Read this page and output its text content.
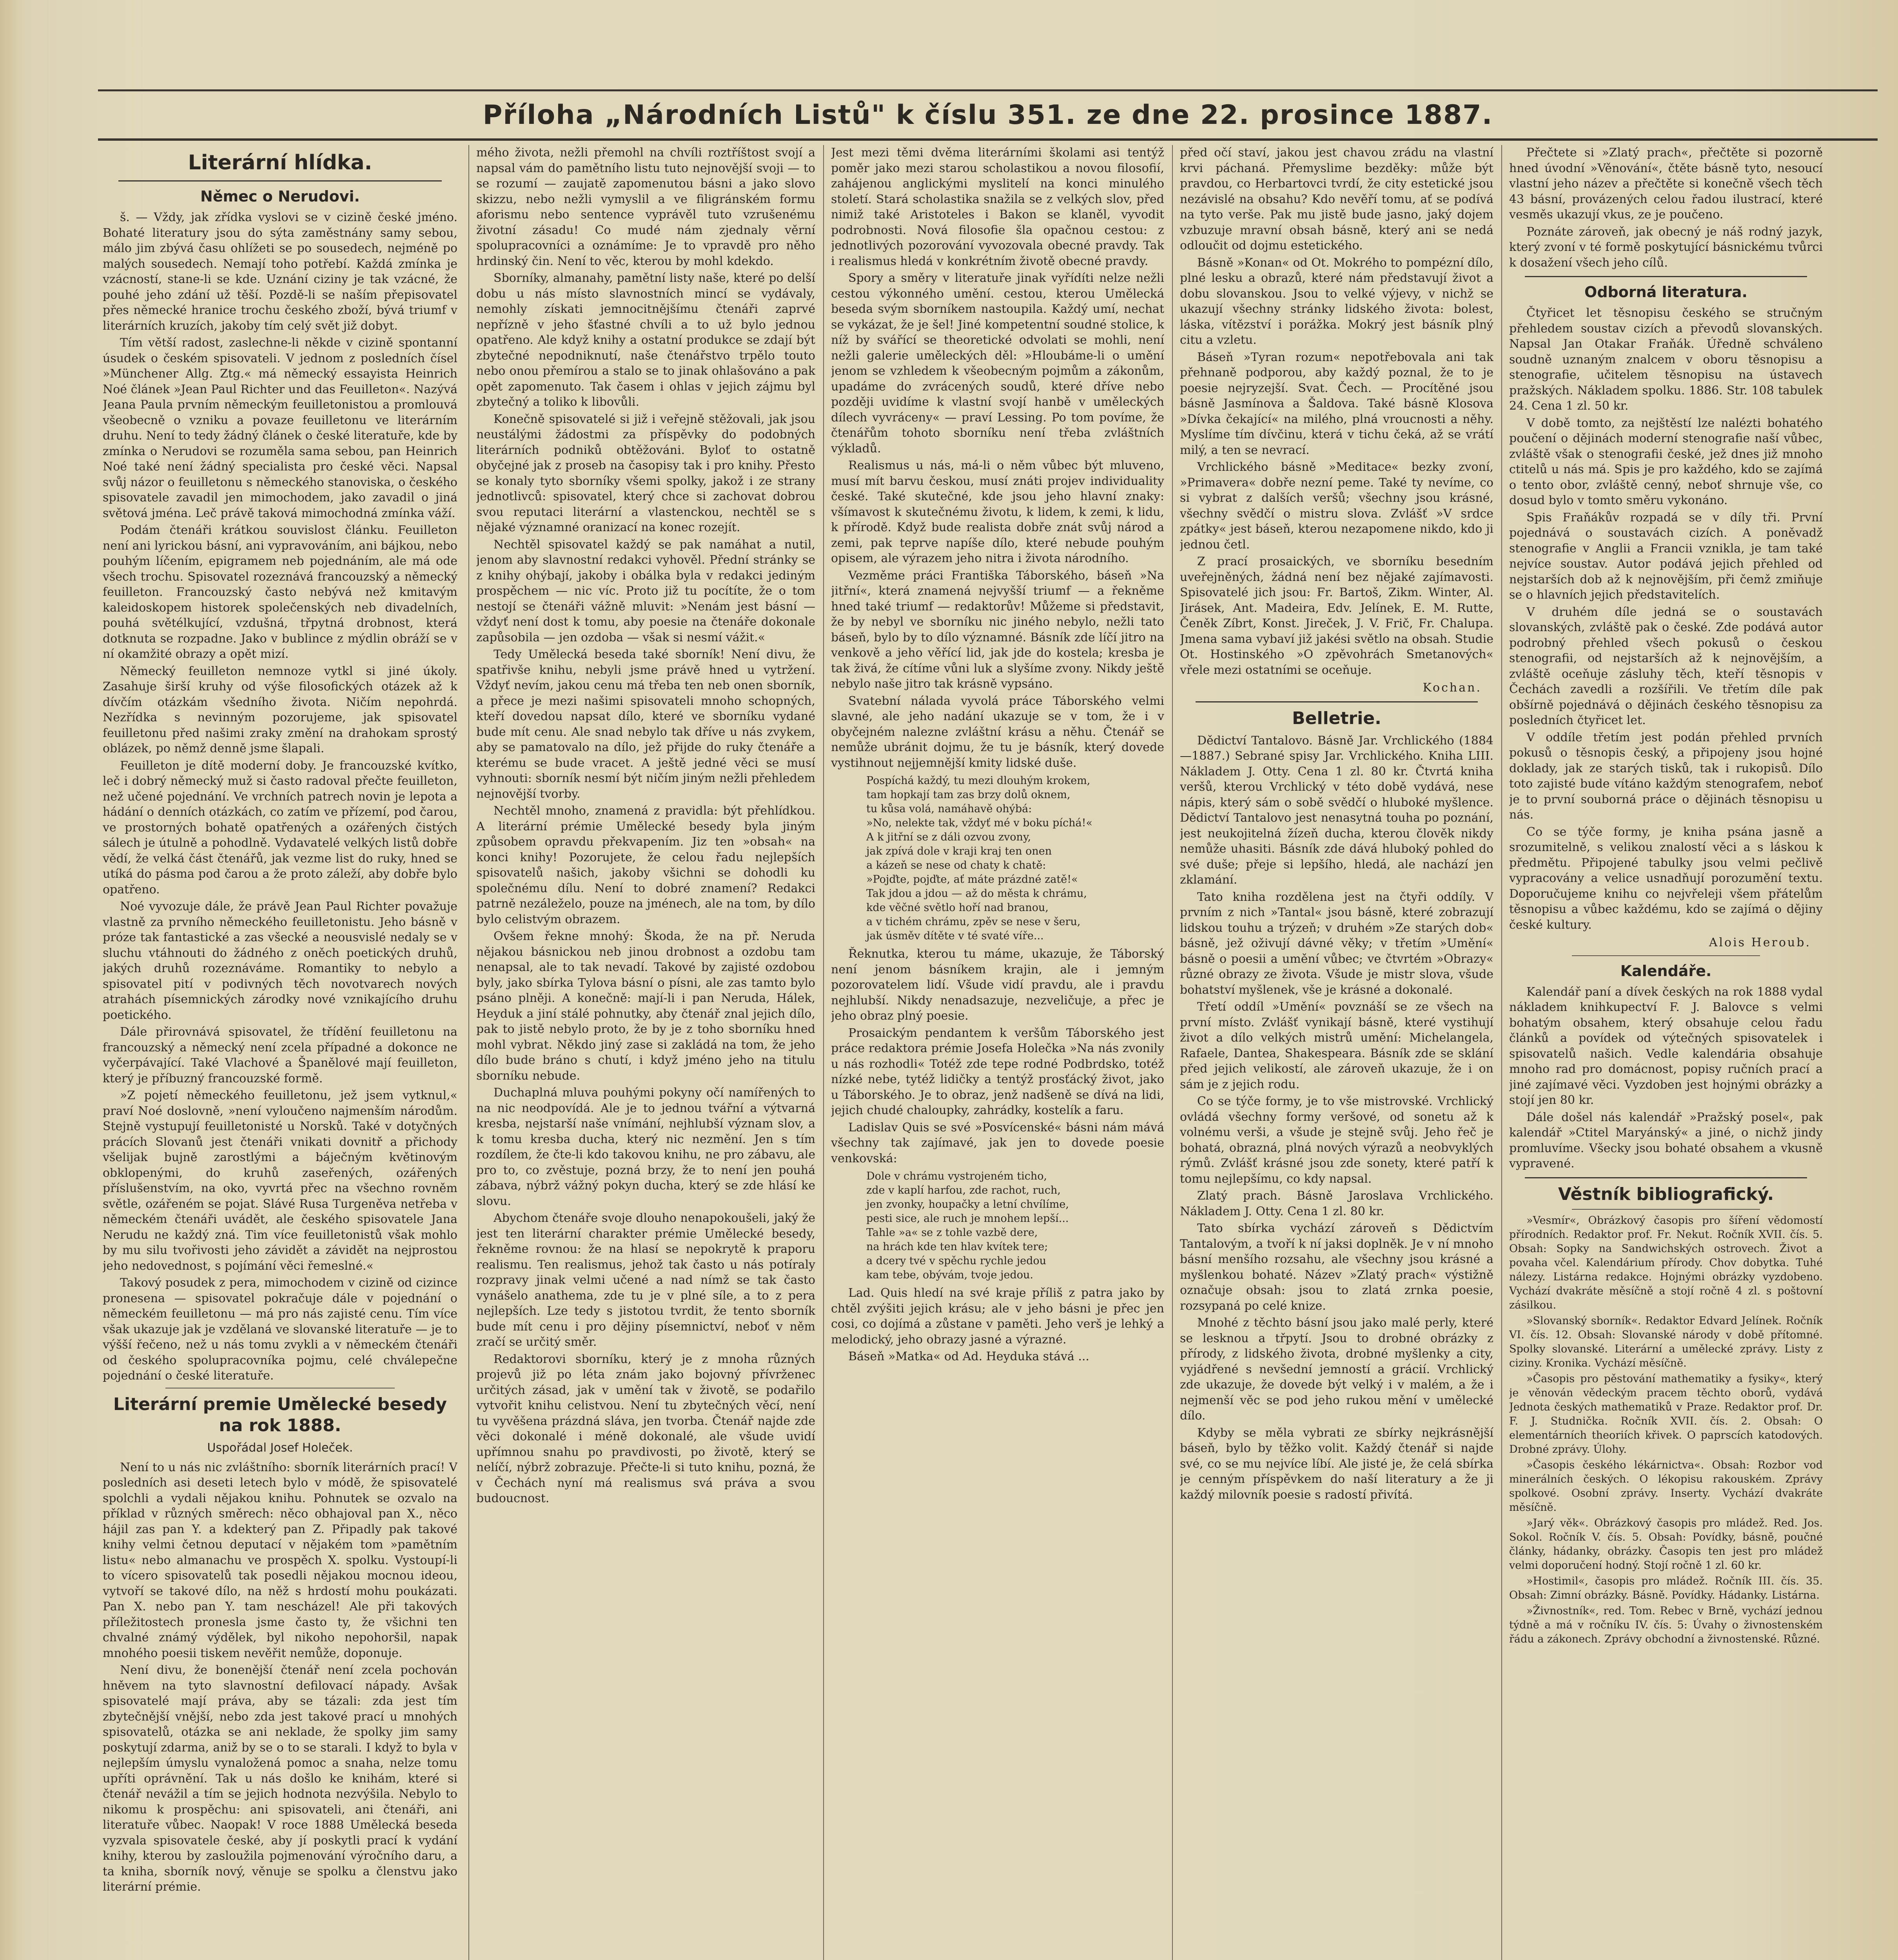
Příloha „Národních Listů" k číslu 351. ze dne 22. prosince 1887.
Literární hlídka.
Němec o Nerudovi.

š. — Vždy, jak zřídka vyslovi se v cizině české jméno. Bohaté literatury jsou do sýta zaměstnány samy sebou, málo jim zbývá času ohlížeti se po sousedech, nejméně po malých sousedech. Nemají toho potřebí. Každá zmínka je vzácností, stane-li se kde. Uznání ciziny je tak vzácné, že pouhé jeho zdání už těší. Pozdě-li se naším přepisovatel přes německé hranice trochu českého zboží, bývá triumf v literárních kruzích, jakoby tím celý svět již dobyt.

Tím větší radost, zaslechne-li někde v cizině spontanní úsudek o českém spisovateli. V jednom z posledních čísel »Münchener Allg. Ztg.« má německý essayista Heinrich Noé článek »Jean Paul Richter und das Feuilleton«. Nazývá Jeana Paula prvním německým feuilletonistou a promlouvá všeobecně o vzniku a povaze feuilletonu ve literárním druhu. Není to tedy žádný článek o české literatuře, kde by zmínka o Nerudovi se rozuměla sama sebou, pan Heinrich Noé také není žádný specialista pro české věci. Napsal svůj názor o feuilletonu s německého stanoviska, o českého spisovatele zavadil jen mimochodem, jako zavadil o jiná světová jména. Leč právě taková mimochodná zmínka váží.

Podám čtenáři krátkou souvislost článku. Feuilleton není ani lyrickou básní, ani vypravováním, ani bájkou, nebo pouhým líčením, epigramem neb pojednáním, ale má ode všech trochu. Spisovatel rozeznává francouzský a německý feuilleton. Francouzský často nebývá než kmitavým kaleidoskopem historek společenských neb divadelních, pouhá světélkující, vzdušná, třpytná drobnost, která dotknuta se rozpadne. Jako v bublince z mýdlin obráží se v ní okamžité obrazy a opět mizí.

Německý feuilleton nemnoze vytkl si jiné úkoly. Zasahuje širší kruhy od výše filosofických otázek až k dívčím otázkám všedního života. Ničím nepohrdá. Nezřídka s nevinným pozorujeme, jak spisovatel feuilletonu před našimi zraky změní na drahokam sprostý oblázek, po němž denně jsme šlapali.

Feuilleton je dítě moderní doby. Je francouzské kvítko, leč i dobrý německý muž si často radoval přečte feuilleton, než učené pojednání. Ve vrchních patrech novin je lepota a hádání o denních otázkách, co zatím ve přízemí, pod čarou, ve prostorných bohatě opatřených a ozářených čistých sálech je útulně a pohodlně. Vydavatelé velkých listů dobře vědí, že velká část čtenářů, jak vezme list do ruky, hned se utíká do pásma pod čarou a že proto záleží, aby dobře bylo opatřeno.

Noé vyvozuje dále, že právě Jean Paul Richter považuje vlastně za prvního německého feuilletonistu. Jeho básně v próze tak fantastické a zas všecké a neousvislé nedaly se v sluchu vtáhnouti do žádného z oněch poetických druhů, jakých druhů rozeznáváme. Romantiky to nebylo a spisovatel pití v podivných těch novotvarech nových atrahách písemnických zárodky nové vznikajícího druhu poetického.

Dále přirovnává spisovatel, že třídění feuilletonu na francouzský a německý není zcela případné a dokonce ne vyčerpávající. Také Vlachové a Španělové mají feuilleton, který je příbuzný francouzské formě.

»Z pojetí německého feuilletonu, jež jsem vytknul,« praví Noé doslovně, »není vyloučeno najmenším národům. Stejně vystupují feuilletonisté u Norsků. Také v dotyčných prácích Slovanů jest čtenáři vnikati dovnitř a přichody všelijak bujně zarostlými a báječným květinovým obklopenými, do kruhů zaseřených, ozářených příslušenstvím, na oko, vyvrtá přec na všechno rovněm světle, ozářeném se pojat. Slávé Rusa Turgeněva netřeba v německém čtenáři uvádět, ale českého spisovatele Jana Nerudu ne každý zná. Tim více feuilletonistů však mohlo by mu silu tvořivosti jeho závidět a závidět na nejprostou jeho nedovednost, s pojímání věci řemeslné.«

Takový posudek z pera, mimochodem v cizině od cizince pronesena — spisovatel pokračuje dále v pojednání o německém feuilletonu — má pro nás zajisté cenu. Tím více však ukazuje jak je vzdělaná ve slovanské literatuře — je to výšší řečeno, než u nás tomu zvykli a v německém čtenáři od českého spolupracovníka pojmu, celé chválepečne pojednání o české literatuře.

Literární premie Umělecké besedy na rok 1888.
Uspořádal Josef Holeček.

Není to u nás nic zvláštního: sborník literárních prací! V posledních asi deseti letech bylo v módě, že spisovatelé spolchli a vydali nějakou knihu. Pohnutek se ozvalo na příklad v různých směrech: něco obhajoval pan X., něco hájil zas pan Y. a kdekterý pan Z. Připadly pak takové knihy velmi četnou deputací v nějakém tom »pamětním listu« nebo almanachu ve prospěch X. spolku. Vystoupí-li to vícero spisovatelů tak posedli nějakou mocnou ideou, vytvoří se takové dílo, na něž s hrdostí mohu poukázati. Pan X. nebo pan Y. tam nescházel! Ale při takových příležitostech pronesla jsme často ty, že všichni ten chvalné známý výdělek, byl nikoho nepohoršil, napak mnohého poesii tiskem nevěřit nemůže, doponuje.

Není divu, že bonenější čtenář není zcela pochován hněvem na tyto slavnostní defilovací nápady. Avšak spisovatelé mají práva, aby se tázali: zda jest tím zbytečnější vnější, nebo zda jest takové prací u mnohých spisovatelů, otázka se ani neklade, že spolky jim samy poskytují zdarma, aniž by se o to se starali. I když to byla v nejlepším úmyslu vynaložená pomoc a snaha, nelze tomu upříti oprávnění. Tak u nás došlo ke knihám, které si čtenář nevážil a tím se jejich hodnota nezvýšila. Nebylo to nikomu k prospěchu: ani spisovateli, ani čtenáři, ani literatuře vůbec. Naopak! V roce 1888 Umělecká beseda vyzvala spisovatele české, aby jí poskytli prací k vydání knihy, kterou by zasloužila pojmenování výročního daru, a ta kniha, sborník nový, věnuje se spolku a členstvu jako literární prémie.

mého života, nežli přemohl na chvíli roztříštost svojí a napsal vám do pamětního listu tuto nejnovější svoji — to se rozumí — zaujatě zapomenutou básni a jako slovo skizzu, nebo nežli vymyslil a ve filigránském formu aforismu nebo sentence vyprávěl tuto vzrušenému životní zásadu! Co mudé nám zjednaly věrní spolupracovníci a oznámíme: Je to vpravdě pro něho hrdinský čin. Není to věc, kterou by mohl kdekdo.

Sborníky, almanahy, pamětní listy naše, které po delší dobu u nás místo slavnostních mincí se vydávaly, nemohly získati jemnocitnějšímu čtenáři zaprvé nepřízně v jeho šťastné chvíli a to už bylo jednou opatřeno. Ale když knihy a ostatní produkce se zdají být zbytečné nepodniknutí, naše čtenářstvo trpělo touto nebo onou přemírou a stalo se to jinak ohlašováno a pak opět zapomenuto. Tak časem i ohlas v jejich zájmu byl zbytečný a toliko k libovůli.

Konečně spisovatelé si již i veřejně stěžovali, jak jsou neustálými žádostmi za příspěvky do podobných literárních podniků obtěžováni. Byloť to ostatně obyčejné jak z proseb na časopisy tak i pro knihy. Přesto se konaly tyto sborníky všemi spolky, jakož i ze strany jednotlivců: spisovatel, který chce si zachovat dobrou svou reputaci literární a vlastenckou, nechtěl se s nějaké významné oranizací na konec rozejít.

Nechtěl spisovatel každý se pak namáhat a nutil, jenom aby slavnostní redakci vyhověl. Přední stránky se z knihy ohýbají, jakoby i obálka byla v redakci jediným prospěchem — nic víc. Proto již tu pocítíte, že o tom nestojí se čtenáři vážně mluvit: »Nenám jest básní — vždyť není dost k tomu, aby poesie na čtenáře dokonale zapůsobila — jen ozdoba — však si nesmí vážit.«

Tedy Umělecká beseda také sborník! Není divu, že spatřivše knihu, nebyli jsme právě hned u vytržení. Vždyť nevím, jakou cenu má třeba ten neb onen sborník, a přece je mezi našimi spisovateli mnoho schopných, kteří dovedou napsat dílo, které ve sborníku vydané bude mít cenu. Ale snad nebylo tak dříve u nás zvykem, aby se pamatovalo na dílo, jež přijde do ruky čtenáře a kterému se bude vracet. A ještě jedné věci se musí vyhnouti: sborník nesmí být ničím jiným nežli přehledem nejnovější tvorby.

Nechtěl mnoho, znamená z pravidla: být přehlídkou. A literární prémie Umělecké besedy byla jiným způsobem opravdu překvapením. Jiz ten »obsah« na konci knihy! Pozorujete, že celou řadu nejlepších spisovatelů našich, jakoby všichni se dohodli ku společnému dílu. Není to dobré znamení? Redakci patrně nezáleželo, pouze na jménech, ale na tom, by dílo bylo celistvým obrazem.

Ovšem řekne mnohý: Škoda, že na př. Neruda nějakou básnickou neb jinou drobnost a ozdobu tam nenapsal, ale to tak nevadí. Takové by zajisté ozdobou byly, jako sbírka Tylova básní o písni, ale zas tamto bylo psáno plněji. A konečně: mají-li i pan Neruda, Hálek, Heyduk a jiní stálé pohnutky, aby čtenář znal jejich dílo, pak to jistě nebylo proto, že by je z toho sborníku hned mohl vybrat. Někdo jiný zase si zakládá na tom, že jeho dílo bude bráno s chutí, i když jméno jeho na titulu sborníku nebude.

Duchaplná mluva pouhými pokyny očí namířených to na nic neodpovídá. Ale je to jednou tvářní a výtvarná kresba, nejstarší naše vnímání, nejhlubší význam slov, a k tomu kresba ducha, který nic nezmění. Jen s tím rozdílem, že čte-li kdo takovou knihu, ne pro zábavu, ale pro to, co zvěstuje, pozná brzy, že to není jen pouhá zábava, nýbrž vážný pokyn ducha, který se zde hlásí ke slovu.

Abychom čtenáře svoje dlouho nenapokoušeli, jaký že jest ten literární charakter prémie Umělecké besedy, řekněme rovnou: že na hlasí se nepokrytě k praporu realismu. Ten realismus, jehož tak často u nás potíraly rozpravy jinak velmi učené a nad nímž se tak často vynášelo anathema, zde tu je v plné síle, a to z pera nejlepších. Lze tedy s jistotou tvrdit, že tento sborník bude mít cenu i pro dějiny písemnictví, neboť v něm zračí se určitý směr.

Redaktorovi sborníku, který je z mnoha různých projevů již po léta znám jako bojovný přívrženec určitých zásad, jak v umění tak v životě, se podařilo vytvořit knihu celistvou. Není tu zbytečných věcí, není tu vyvěšena prázdná sláva, jen tvorba. Čtenář najde zde věci dokonalé i méně dokonalé, ale všude uvidí upřímnou snahu po pravdivosti, po životě, který se nelíčí, nýbrž zobrazuje. Přečte-li si tuto knihu, pozná, že v Čechách nyní má realismus svá práva a svou budoucnost.

Jest mezi těmi dvěma literárními školami asi tentýž poměr jako mezi starou scholastikou a novou filosofií, zahájenou anglickými myslitelí na konci minulého století. Stará scholastika snažila se z velkých slov, před nimiž také Aristoteles i Bakon se klaněl, vyvodit podrobnosti. Nová filosofie šla opačnou cestou: z jednotlivých pozorování vyvozovala obecné pravdy. Tak i realismus hledá v konkrétním životě obecné pravdy.

Spory a směry v literatuře jinak vyřídíti nelze nežli cestou výkonného umění. cestou, kterou Umělecká beseda svým sborníkem nastoupila. Každý umí, nechat se vykázat, že je šel! Jiné kompetentní soudné stolice, k níž by svářící se theoretické odvolati se mohli, není nežli galerie uměleckých děl: »Hloubáme-li o umění jenom se vzhledem k všeobecným pojmům a zákonům, upadáme do zvrácených soudů, které dříve nebo později uvidíme k vlastní svojí hanbě v uměleckých dílech vyvráceny« — praví Lessing. Po tom povíme, že čtenářům tohoto sborníku není třeba zvláštních výkladů.

Realismus u nás, má-li o něm vůbec být mluveno, musí mít barvu českou, musí znáti projev individuality české. Také skutečné, kde jsou jeho hlavní znaky: všímavost k skutečnému životu, k lidem, k zemi, k lidu, k přírodě. Když bude realista dobře znát svůj národ a zemi, pak teprve napíše dílo, které nebude pouhým opisem, ale výrazem jeho nitra i života národního.

Vezměme práci Františka Táborského, báseň »Na jitřní«, která znamená nejvyšší triumf — a řekněme hned také triumf ― redaktorův! Můžeme si představit, že by nebyl ve sborníku nic jiného nebylo, nežli tato báseň, bylo by to dílo významné. Básník zde líčí jitro na venkově a jeho věřící lid, jak jde do kostela; kresba je tak živá, že cítíme vůni luk a slyšíme zvony. Nikdy ještě nebylo naše jitro tak krásně vypsáno.

Svatební nálada vyvolá práce Táborského velmi slavné, ale jeho nadání ukazuje se v tom, že i v obyčejném nalezne zvláštní krásu a něhu. Čtenář se nemůže ubránit dojmu, že tu je básník, který dovede vystihnout nejjemnější kmity lidské duše.

Pospíchá každý, tu mezi dlouhým krokem,
tam hopkají tam zas brzy dolů oknem,
tu kůsa volá, namáhavě ohýbá:
»No, nelekte tak, vždyť mé v boku píchá!«
A k jitřní se z dáli ozvou zvony,
jak zpívá dole v kraji kraj ten onen
a kázeň se nese od chaty k chatě:
»Pojďte, pojďte, ať máte prázdné zatě!«
Tak jdou a jdou — až do města k chrámu,
kde věčné světlo hoří nad branou,
a v tichém chrámu, zpěv se nese v šeru,
jak úsměv dítěte v té svaté víře...

Řeknutka, kterou tu máme, ukazuje, že Táborský není jenom básníkem krajin, ale i jemným pozorovatelem lidí. Všude vidí pravdu, ale i pravdu nejhlubší. Nikdy nenadsazuje, nezveličuje, a přec je jeho obraz plný poesie.

Prosaickým pendantem k veršům Táborského jest práce redaktora prémie Josefa Holečka »Na nás zvonily u nás rozhodli« Totéž zde tepe rodné Podbrdsko, totéž nízké nebe, tytéž lidičky a tentýž prosťácký život, jako u Táborského. Je to obraz, jenž nadšeně se dívá na lidi, jejich chudé chaloupky, zahrádky, kostelík a faru.

Ladislav Quis se své »Posvícenské« básni nám mává všechny tak zajímavé, jak jen to dovede poesie venkovská:

Dole v chrámu vystrojeném ticho,
zde v kaplí harfou, zde rachot, ruch,
jen zvonky, houpačky a letní chvílíme,
pesti sice, ale ruch je mnohem lepší...
Tahle »a« se z tohle vazbě dere,
na hrách kde ten hlav kvítek tere;
a dcery tvé v spěchu rychle jedou
kam tebe, obývám, tvoje jedou.

Lad. Quis hledí na své kraje příliš z patra jako by chtěl zvýšiti jejich krásu; ale v jeho básni je přec jen cosi, co dojímá a zůstane v paměti. Jeho verš je lehký a melodický, jeho obrazy jasné a výrazné.

Báseň »Matka« od Ad. Heyduka stává ...

před očí staví, jakou jest chavou zrádu na vlastní krvi páchaná. Přemyslime bezděky: může být pravdou, co Herbartovci tvrdí, že city estetické jsou nezávislé na obsahu? Kdo nevěří tomu, ať se podívá na tyto verše. Pak mu jistě bude jasno, jaký dojem vzbuzuje mravní obsah básně, který ani se nedá odloučit od dojmu estetického.

Básně »Konan« od Ot. Mokrého to pompézní dílo, plné lesku a obrazů, které nám představují život a dobu slovanskou. Jsou to velké výjevy, v nichž se ukazují všechny stránky lidského života: bolest, láska, vítězství i porážka. Mokrý jest básník plný citu a vzletu.

Báseň »Tyran rozum« nepotřebovala ani tak přehnaně podporou, aby každý poznal, že to je poesie nejryzejší. Svat. Čech. — Procítěné jsou básně Jasmínova a Šaldova. Také básně Klosova »Dívka čekající« na milého, plná vroucnosti a něhy. Myslíme tím dívčinu, která v tichu čeká, až se vrátí milý, a ten se nevrací.

Vrchlického básně »Meditace« bezky zvoní, »Primavera« dobře nezní peme. Také ty nevíme, co si vybrat z dalších veršů; všechny jsou krásné, všechny svědčí o mistru slova. Zvlášť »V srdce zpátky« jest báseň, kterou nezapomene nikdo, kdo ji jednou četl.

Z prací prosaických, ve sborníku besedním uveřejněných, žádná není bez nějaké zajímavosti. Spisovatelé jich jsou: Fr. Bartoš, Zikm. Winter, Al. Jirásek, Ant. Madeira, Edv. Jelínek, E. M. Rutte, Čeněk Zíbrt, Konst. Jireček, J. V. Frič, Fr. Chalupa. Jmena sama vybaví již jakési světlo na obsah. Studie Ot. Hostinského »O zpěvohrách Smetanových« vřele mezi ostatními se oceňuje.

Kochan.
Belletrie.

Dědictví Tantalovo. Básně Jar. Vrchlického (1884—1887.) Sebrané spisy Jar. Vrchlického. Kniha LIII. Nákladem J. Otty. Cena 1 zl. 80 kr. Čtvrtá kniha veršů, kterou Vrchlický v této době vydává, nese nápis, který sám o sobě svědčí o hluboké myšlence. Dědictví Tantalovo jest nenasytná touha po poznání, jest neukojitelná žízeň ducha, kterou člověk nikdy nemůže uhasiti. Básník zde dává hluboký pohled do své duše; přeje si lepšího, hledá, ale nachází jen zklamání.

Tato kniha rozdělena jest na čtyři oddíly. V prvním z nich »Tantal« jsou básně, které zobrazují lidskou touhu a trýzeň; v druhém »Ze starých dob« básně, jež oživují dávné věky; v třetím »Umění« básně o poesii a umění vůbec; ve čtvrtém »Obrazy« různé obrazy ze života. Všude je mistr slova, všude bohatství myšlenek, vše je krásné a dokonalé.

Třetí oddíl »Umění« povznáší se ze všech na první místo. Zvlášť vynikají básně, které vystihují život a dílo velkých mistrů umění: Michelangela, Rafaele, Dantea, Shakespeara. Básník zde se sklání před jejich velikostí, ale zároveň ukazuje, že i on sám je z jejich rodu.

Co se týče formy, je to vše mistrovské. Vrchlický ovládá všechny formy veršové, od sonetu až k volnému verši, a všude je stejně svůj. Jeho řeč je bohatá, obrazná, plná nových výrazů a neobvyklých rýmů. Zvlášť krásné jsou zde sonety, které patří k tomu nejlepšímu, co kdy napsal.

Zlatý prach. Básně Jaroslava Vrchlického. Nákladem J. Otty. Cena 1 zl. 80 kr.

Tato sbírka vychází zároveň s Dědictvím Tantalovým, a tvoří k ní jaksi doplněk. Je v ní mnoho básní menšího rozsahu, ale všechny jsou krásné a myšlenkou bohaté. Název »Zlatý prach« výstižně označuje obsah: jsou to zlatá zrnka poesie, rozsypaná po celé knize.

Mnohé z těchto básní jsou jako malé perly, které se lesknou a třpytí. Jsou to drobné obrázky z přírody, z lidského života, drobné myšlenky a city, vyjádřené s nevšední jemností a grácií. Vrchlický zde ukazuje, že dovede být velký i v malém, a že i nejmenší věc se pod jeho rukou mění v umělecké dílo.

Kdyby se měla vybrati ze sbírky nejkrásnější báseň, bylo by těžko volit. Každý čtenář si najde své, co se mu nejvíce líbí. Ale jisté je, že celá sbírka je cenným příspěvkem do naší literatury a že ji každý milovník poesie s radostí přivítá.

Přečtete si »Zlatý prach«, přečtěte si pozorně hned úvodní »Věnování«, čtěte básně tyto, nesoucí vlastní jeho název a přečtěte si konečně všech těch 43 básní, provázených celou řadou ilustrací, které vesměs ukazují vkus, ze je poučeno.

Poznáte zároveň, jak obecný je náš rodný jazyk, který zvoní v té formě poskytující básnickému tvůrci k dosažení všech jeho cílů.

Odborná literatura.

Čtyřicet let těsnopisu českého se stručným přehledem soustav cizích a převodů slovanských. Napsal Jan Otakar Fraňák. Úředně schváleno soudně uznaným znalcem v oboru těsnopisu a stenografie, učitelem těsnopisu na ústavech pražských. Nákladem spolku. 1886. Str. 108 tabulek 24. Cena 1 zl. 50 kr.

V době tomto, za nejštěstí lze nalézti bohatého poučení o dějinách moderní stenografie naší vůbec, zvláště však o stenografii české, jež dnes již mnoho ctitelů u nás má. Spis je pro každého, kdo se zajímá o tento obor, zvláště cenný, neboť shrnuje vše, co dosud bylo v tomto směru vykonáno.

Spis Fraňákův rozpadá se v díly tři. První pojednává o soustavách cizích. A poněvadž stenografie v Anglii a Francii vznikla, je tam také nejvíce soustav. Autor podává jejich přehled od nejstarších dob až k nejnovějším, při čemž zmiňuje se o hlavních jejich představitelích.

V druhém díle jedná se o soustavách slovanských, zvláště pak o české. Zde podává autor podrobný přehled všech pokusů o českou stenografii, od nejstarších až k nejnovějším, a zvláště oceňuje zásluhy těch, kteří těsnopis v Čechách zavedli a rozšířili. Ve třetím díle pak obšírně pojednává o dějinách českého těsnopisu za posledních čtyřicet let.

V oddíle třetím jest podán přehled prvních pokusů o těsnopis český, a připojeny jsou hojné doklady, jak ze starých tisků, tak i rukopisů. Dílo toto zajisté bude vítáno každým stenografem, neboť je to první souborná práce o dějinách těsnopisu u nás.

Co se týče formy, je kniha psána jasně a srozumitelně, s velikou znalostí věci a s láskou k předmětu. Připojené tabulky jsou velmi pečlivě vypracovány a velice usnadňují porozumění textu. Doporučujeme knihu co nejvřeleji všem přátelům těsnopisu a vůbec každému, kdo se zajímá o dějiny české kultury.

Alois Heroub.
Kalendáře.

Kalendář paní a dívek českých na rok 1888 vydal nákladem knihkupectví F. J. Balovce s velmi bohatým obsahem, který obsahuje celou řadu článků a povídek od výtečných spisovatelek i spisovatelů našich. Vedle kalendária obsahuje mnoho rad pro domácnost, popisy ručních prací a jiné zajímavé věci. Vyzdoben jest hojnými obrázky a stojí jen 80 kr.

Dále došel nás kalendář »Pražský posel«, pak kalendář »Ctitel Maryánský« a jiné, o nichž jindy promluvíme. Všecky jsou bohaté obsahem a vkusně vypravené.

Věstník bibliografický.

»Vesmír«, Obrázkový časopis pro šíření vědomostí přírodních. Redaktor prof. Fr. Nekut. Ročník XVII. čís. 5. Obsah: Sopky na Sandwichských ostrovech. Život a povaha včel. Kalendárium přírody. Chov dobytka. Tuhé nálezy. Listárna redakce. Hojnými obrázky vyzdobeno. Vychází dvakráte měsíčně a stojí ročně 4 zl. s poštovní zásilkou.

»Slovanský sborník«. Redaktor Edvard Jelínek. Ročník VI. čís. 12. Obsah: Slovanské národy v době přítomné. Spolky slovanské. Literární a umělecké zprávy. Listy z ciziny. Kronika. Vychází měsíčně.

»Časopis pro pěstování mathematiky a fysiky«, který je věnován vědeckým pracem těchto oborů, vydává Jednota českých mathematiků v Praze. Redaktor prof. Dr. F. J. Studnička. Ročník XVII. čís. 2. Obsah: O elementárních theoriích křivek. O paprscích katodových. Drobné zprávy. Úlohy.

»Časopis českého lékárnictva«. Obsah: Rozbor vod minerálních českých. O lékopisu rakouském. Zprávy spolkové. Osobní zprávy. Inserty. Vychází dvakráte měsíčně.

»Jarý věk«. Obrázkový časopis pro mládež. Red. Jos. Sokol. Ročník V. čís. 5. Obsah: Povídky, básně, poučné články, hádanky, obrázky. Časopis ten jest pro mládež velmi doporučení hodný. Stojí ročně 1 zl. 60 kr.

»Hostimil«, časopis pro mládež. Ročník III. čís. 35. Obsah: Zimní obrázky. Básně. Povídky. Hádanky. Listárna.

»Živnostník«, red. Tom. Rebec v Brně, vychází jednou týdně a má v ročníku IV. čís. 5: Úvahy o živnostenském řádu a zákonech. Zprávy obchodní a živnostenské. Různé.
